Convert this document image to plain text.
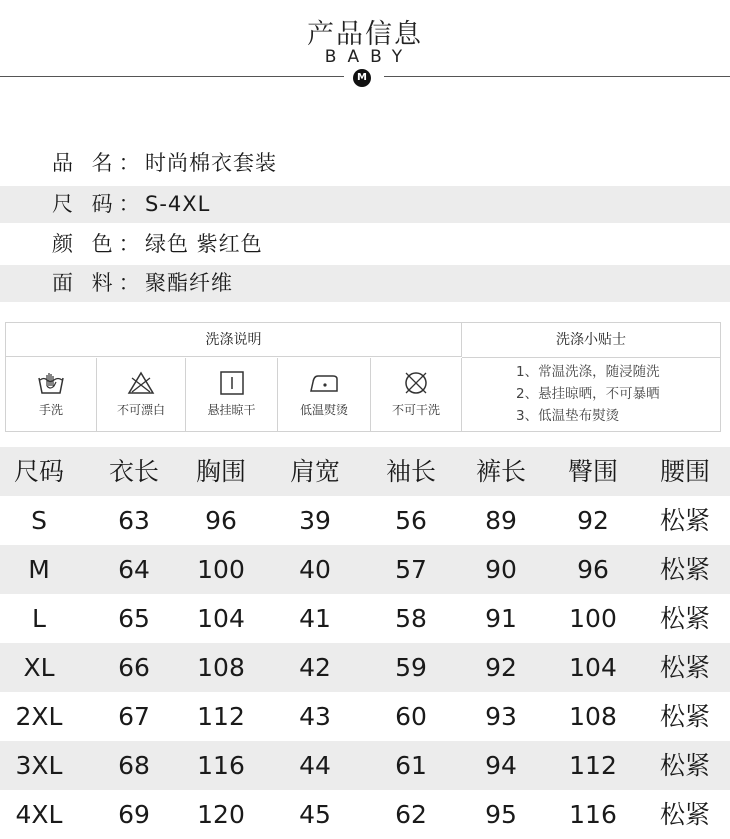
产品信息
BABY
M
品 名： 时尚棉衣套装
尺 码： S-4XL
颜 色： 绿色 紫红色
面 料： 聚酯纤维
洗涤说明	洗涤小贴士
手洗	不可漂白	悬挂晾干	低温熨烫	不可干洗
1、常温洗涤，随浸随洗
2、悬挂晾晒，不可暴晒
3、低温垫布熨烫
尺码	衣长	胸围	肩宽	袖长	裤长	臀围	腰围
S	63	96	39	56	89	92	松紧
M	64	100	40	57	90	96	松紧
L	65	104	41	58	91	100	松紧
XL	66	108	42	59	92	104	松紧
2XL	67	112	43	60	93	108	松紧
3XL	68	116	44	61	94	112	松紧
4XL	69	120	45	62	95	116	松紧
